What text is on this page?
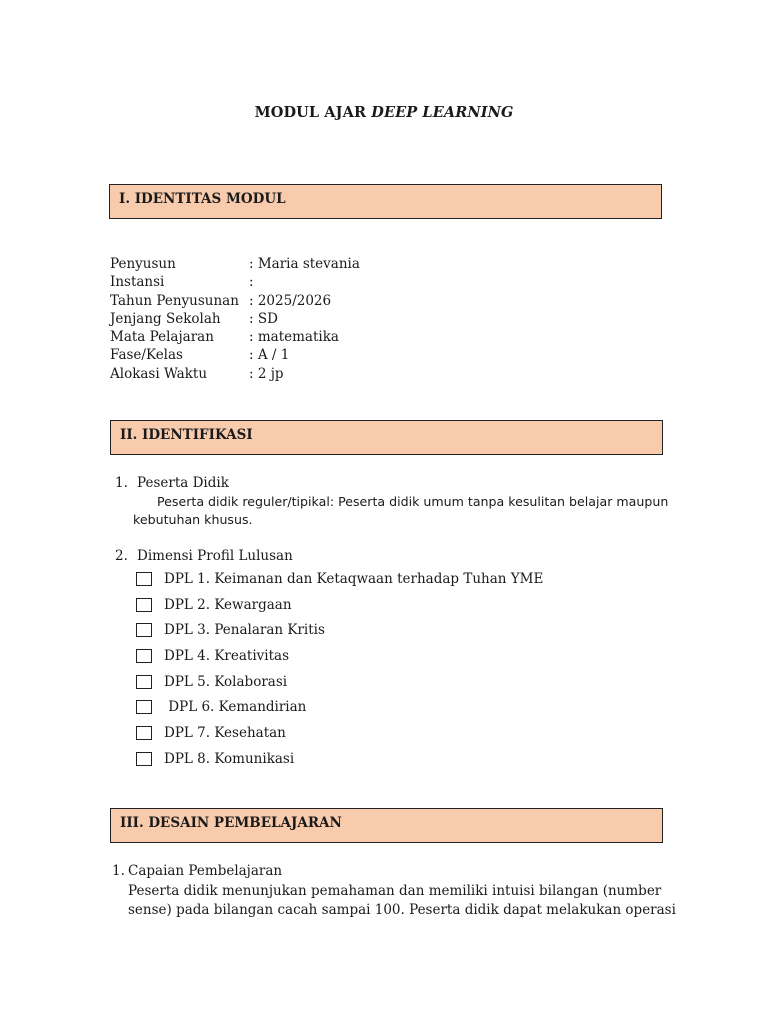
MODUL AJAR DEEP LEARNING
I. IDENTITAS MODUL
Penyusun	: Maria stevania
Instansi	:
Tahun Penyusunan : 2025/2026
Jenjang Sekolah	: SD
Mata Pelajaran	: matematika
Fase/Kelas	: A / 1
Alokasi Waktu	: 2 jp
II. IDENTIFIKASI
1. Peserta Didik
Peserta didik reguler/tipikal: Peserta didik umum tanpa kesulitan belajar maupun
kebutuhan khusus.
2. Dimensi Profil Lulusan
DPL 1. Keimanan dan Ketaqwaan terhadap Tuhan YME
DPL 2. Kewargaan
DPL 3. Penalaran Kritis
DPL 4. Kreativitas
DPL 5. Kolaborasi
DPL 6. Kemandirian
DPL 7. Kesehatan
DPL 8. Komunikasi
III. DESAIN PEMBELAJARAN
1. Capaian Pembelajaran
Peserta didik menunjukan pemahaman dan memiliki intuisi bilangan (number
sense) pada bilangan cacah sampai 100. Peserta didik dapat melakukan operasi
